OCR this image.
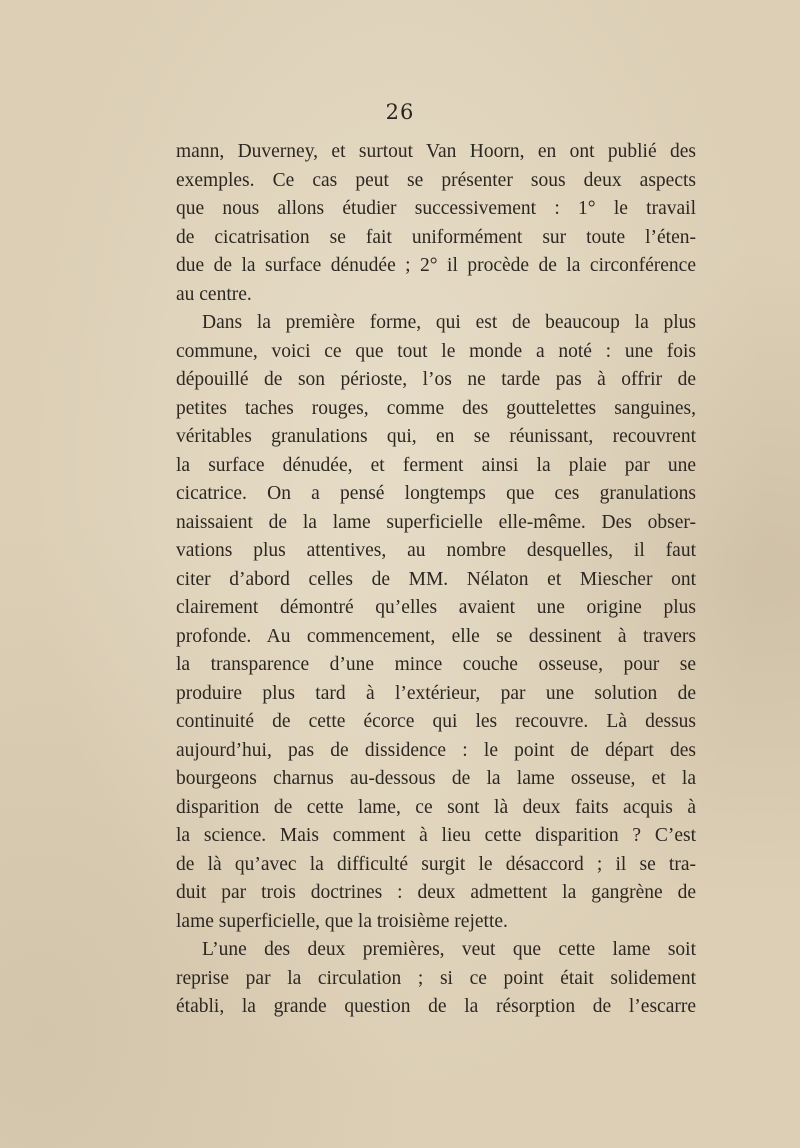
26
mann, Duverney, et surtout Van Hoorn, en ont publié des
exemples. Ce cas peut se présenter sous deux aspects
que nous allons étudier successivement : 1° le travail
de cicatrisation se fait uniformément sur toute l’éten-
due de la surface dénudée ; 2° il procède de la circonférence
au centre.
Dans la première forme, qui est de beaucoup la plus
commune, voici ce que tout le monde a noté : une fois
dépouillé de son périoste, l’os ne tarde pas à offrir de
petites taches rouges, comme des gouttelettes sanguines,
véritables granulations qui, en se réunissant, recouvrent
la surface dénudée, et ferment ainsi la plaie par une
cicatrice. On a pensé longtemps que ces granulations
naissaient de la lame superficielle elle-même. Des obser-
vations plus attentives, au nombre desquelles, il faut
citer d’abord celles de MM. Nélaton et Miescher ont
clairement démontré qu’elles avaient une origine plus
profonde. Au commencement, elle se dessinent à travers
la transparence d’une mince couche osseuse, pour se
produire plus tard à l’extérieur, par une solution de
continuité de cette écorce qui les recouvre. Là dessus
aujourd’hui, pas de dissidence : le point de départ des
bourgeons charnus au-dessous de la lame osseuse, et la
disparition de cette lame, ce sont là deux faits acquis à
la science. Mais comment à lieu cette disparition ? C’est
de là qu’avec la difficulté surgit le désaccord ; il se tra-
duit par trois doctrines : deux admettent la gangrène de
lame superficielle, que la troisième rejette.
L’une des deux premières, veut que cette lame soit
reprise par la circulation ; si ce point était solidement
établi, la grande question de la résorption de l’escarre
